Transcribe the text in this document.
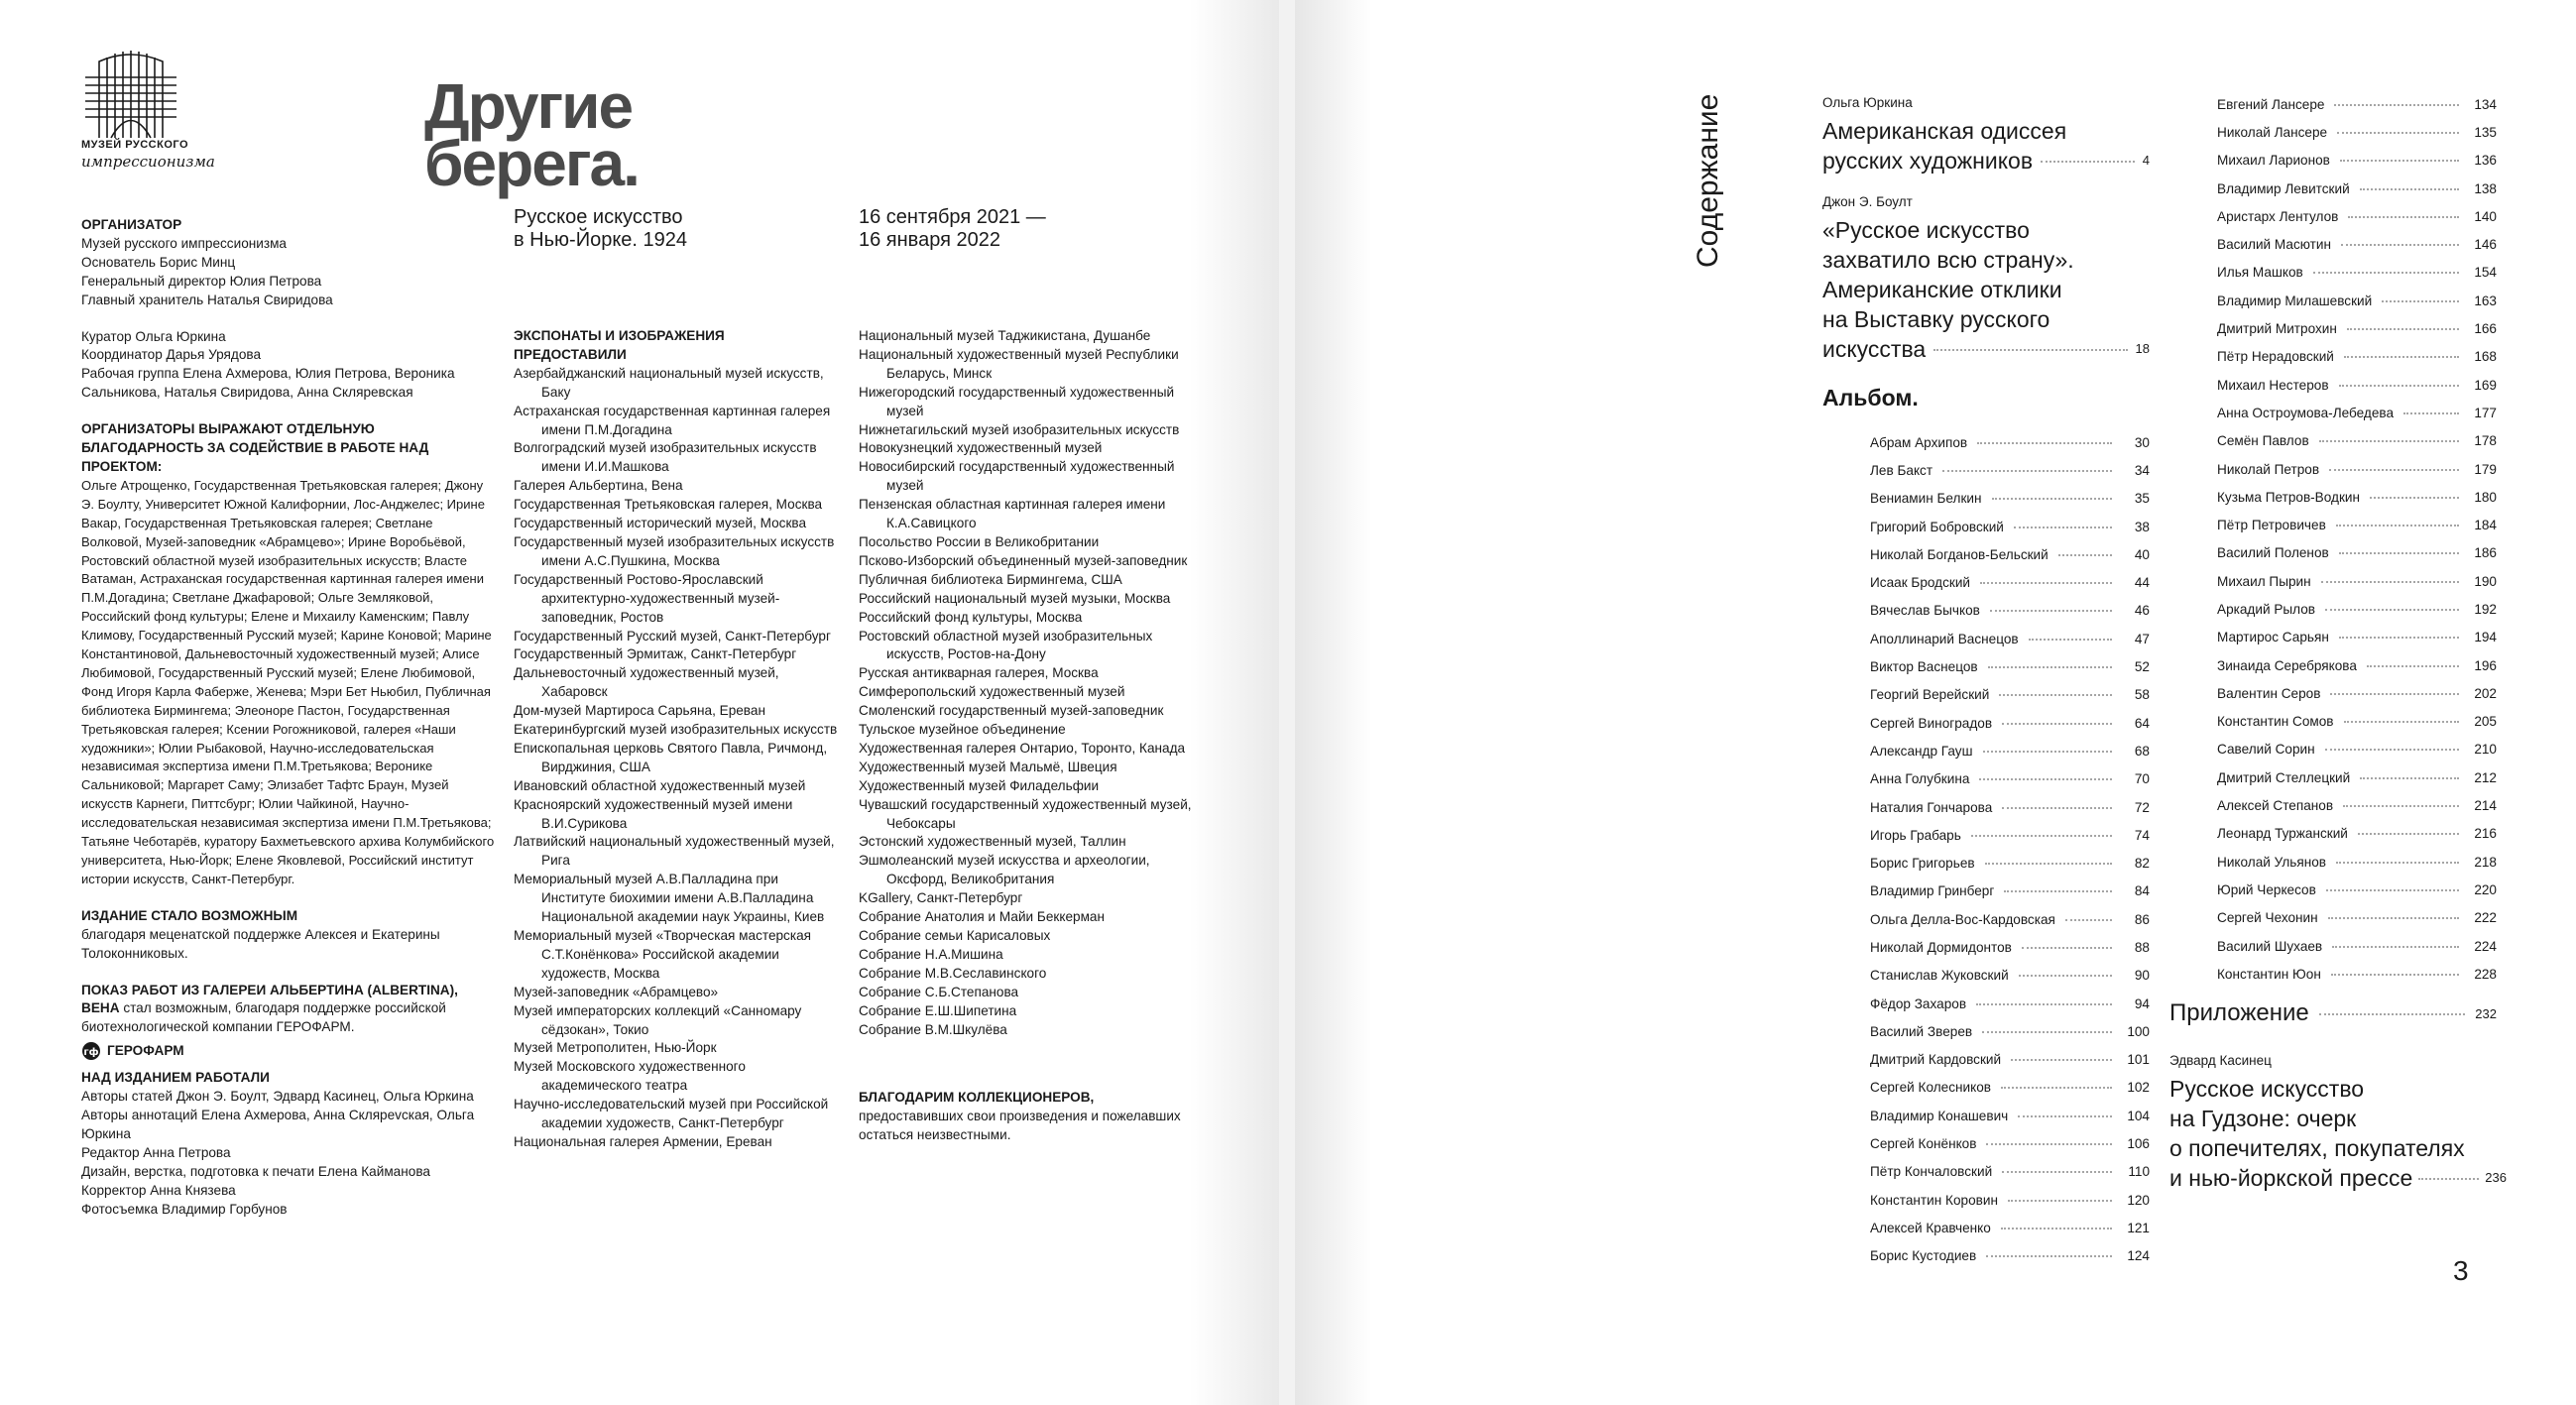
МУЗЕЙ РУССКОГО
импрессионизма
Другие берега.
Русское искусство
в Нью-Йорке. 1924
16 сентября 2021 —
16 января 2022
ОРГАНИЗАТОР
Музей русского импрессионизма
Основатель Борис Минц
Генеральный директор Юлия Петрова
Главный хранитель Наталья Свиридова
Куратор Ольга Юркина
Координатор Дарья Урядова
Рабочая группа Елена Ахмерова, Юлия Петрова, Вероника Сальникова, Наталья Свиридова, Анна Скляревская
ОРГАНИЗАТОРЫ ВЫРАЖАЮТ ОТДЕЛЬНУЮ БЛАГОДАРНОСТЬ ЗА СОДЕЙСТВИЕ В РАБОТЕ НАД ПРОЕКТОМ:
Ольге Атрощенко, Государственная Третьяковская галерея; Джону Э. Боулту, Университет Южной Калифорнии, Лос-Анджелес; Ирине Вакар, Государственная Третьяковская галерея; Светлане Волковой, Музей-заповедник «Абрамцево»; Ирине Воробьёвой, Ростовский областной музей изобразительных искусств; Власте Ватаман, Астраханская государственная картинная галерея имени П.М.Догадина; Светлане Джафаровой; Ольге Земляковой, Российский фонд культуры; Елене и Михаилу Каменским; Павлу Климову, Государственный Русский музей; Карине Коновой; Марине Константиновой, Дальневосточный художественный музей; Алисе Любимовой, Государственный Русский музей; Елене Любимовой, Фонд Игоря Карла Фаберже, Женева; Мэри Бет Ньюбил, Публичная библиотека Бирмингема; Элеоноре Пастон, Государственная Третьяковская галерея; Ксении Рогожниковой, галерея «Наши художники»; Юлии Рыбаковой, Научно-исследовательская независимая экспертиза имени П.М.Третьякова; Веронике Сальниковой; Маргарет Саму; Элизабет Тафтс Браун, Музей искусств Карнеги, Питтсбург; Юлии Чайкиной, Научно-исследовательская независимая экспертиза имени П.М.Третьякова; Татьяне Чеботарёв, куратору Бахметьевского архива Колумбийского университета, Нью-Йорк; Елене Яковлевой, Российский институт истории искусств, Санкт-Петербург.
ИЗДАНИЕ СТАЛО ВОЗМОЖНЫМ
благодаря меценатской поддержке Алексея и Екатерины Толоконниковых.
ПОКАЗ РАБОТ ИЗ ГАЛЕРЕИ АЛЬБЕРТИНА (ALBERTINA), ВЕНА стал возможным, благодаря поддержке российской биотехнологической компании ГЕРОФАРМ.
гф ГЕРОФАРМ
НАД ИЗДАНИЕМ РАБОТАЛИ
Авторы статей Джон Э. Боулт, Эдвард Касинец, Ольга Юркина
Авторы аннотаций Елена Ахмерова, Анна Склярevская, Ольга Юркина
Редактор Анна Петрова
Дизайн, верстка, подготовка к печати Елена Кайманова
Корректор Анна Князева
Фотосъемка Владимир Горбунов
ЭКСПОНАТЫ И ИЗОБРАЖЕНИЯ ПРЕДОСТАВИЛИ
Азербайджанский национальный музей искусств, Баку
Астраханская государственная картинная галерея имени П.М.Догадина
Волгоградский музей изобразительных искусств имени И.И.Машкова
Галерея Альбертина, Вена
Государственная Третьяковская галерея, Москва
Государственный исторический музей, Москва
Государственный музей изобразительных искусств имени А.С.Пушкина, Москва
Государственный Ростово-Ярославский архитектурно-художественный музей-заповедник, Ростов
Государственный Русский музей, Санкт-Петербург
Государственный Эрмитаж, Санкт-Петербург
Дальневосточный художественный музей, Хабаровск
Дом-музей Мартироса Сарьяна, Ереван
Екатеринбургский музей изобразительных искусств
Епископальная церковь Святого Павла, Ричмонд, Вирджиния, США
Ивановский областной художественный музей
Красноярский художественный музей имени В.И.Сурикова
Латвийский национальный художественный музей, Рига
Мемориальный музей А.В.Палладина при Институте биохимии имени А.В.Палладина Национальной академии наук Украины, Киев
Мемориальный музей «Творческая мастерская С.Т.Конёнкова» Российской академии художеств, Москва
Музей-заповедник «Абрамцево»
Музей императорских коллекций «Санномару сёдзокан», Токио
Музей Метрополитен, Нью-Йорк
Музей Московского художественного академического театра
Научно-исследовательский музей при Российской академии художеств, Санкт-Петербург
Национальная галерея Армении, Ереван
Национальный музей Таджикистана, Душанбе
Национальный художественный музей Республики Беларусь, Минск
Нижегородский государственный художественный музей
Нижнетагильский музей изобразительных искусств
Новокузнецкий художественный музей
Новосибирский государственный художественный музей
Пензенская областная картинная галерея имени К.А.Савицкого
Посольство России в Великобритании
Псково-Изборский объединенный музей-заповедник
Публичная библиотека Бирмингема, США
Российский национальный музей музыки, Москва
Российский фонд культуры, Москва
Ростовский областной музей изобразительных искусств, Ростов-на-Дону
Русская антикварная галерея, Москва
Симферопольский художественный музей
Смоленский государственный музей-заповедник
Тульское музейное объединение
Художественная галерея Онтарио, Торонто, Канада
Художественный музей Мальмё, Швеция
Художественный музей Филадельфии
Чувашский государственный художественный музей, Чебоксары
Эстонский художественный музей, Таллин
Эшмолеанский музей искусства и археологии, Оксфорд, Великобритания
KGallery, Санкт-Петербург
Собрание Анатолия и Майи Беккерман
Собрание семьи Карисаловых
Собрание Н.А.Мишина
Собрание М.В.Сеславинского
Собрание С.Б.Степанова
Собрание Е.Ш.Шипетина
Собрание В.М.Шкулёва
БЛАГОДАРИМ КОЛЛЕКЦИОНЕРОВ,
предоставивших свои произведения и пожелавших остаться неизвестными.
Содержание	Ольга Юркина
Американская одиссея
русских художников	4
Джон Э. Боулт
«Русское искусство
захватило всю страну».
Американские отклики
на Выставку русского
искусства	18
Альбом.
Абрам Архипов	30
Лев Бакст	34
Вениамин Белкин	35
Григорий Бобровский	38
Николай Богданов-Бельский	40
Исаак Бродский	44
Вячеслав Бычков	46
Аполлинарий Васнецов	47
Виктор Васнецов	52
Георгий Верейский	58
Сергей Виноградов	64
Александр Гауш	68
Анна Голубкина	70
Наталия Гончарова	72
Игорь Грабарь	74
Борис Григорьев	82
Владимир Гринберг	84
Ольга Делла-Вос-Кардовская	86
Николай Дормидонтов	88
Станислав Жуковский	90
Фёдор Захаров	94
Василий Зверев	100
Дмитрий Кардовский	101
Сергей Колесников	102
Владимир Конашевич	104
Сергей Конёнков	106
Пётр Кончаловский	110
Константин Коровин	120
Алексей Кравченко	121
Борис Кустодиев	124
Евгений Лансере	134
Николай Лансере	135
Михаил Ларионов	136
Владимир Левитский	138
Аристарх Лентулов	140
Василий Масютин	146
Илья Машков	154
Владимир Милашевский	163
Дмитрий Митрохин	166
Пётр Нерадовский	168
Михаил Нестеров	169
Анна Остроумова-Лебедева	177
Семён Павлов	178
Николай Петров	179
Кузьма Петров-Водкин	180
Пётр Петровичев	184
Василий Поленов	186
Михаил Пырин	190
Аркадий Рылов	192
Мартирос Сарьян	194
Зинаида Серебрякова	196
Валентин Серов	202
Константин Сомов	205
Савелий Сорин	210
Дмитрий Стеллецкий	212
Алексей Степанов	214
Леонард Туржанский	216
Николай Ульянов	218
Юрий Черкесов	220
Сергей Чехонин	222
Василий Шухаев	224
Константин Юон	228
Приложение	232
Эдвард Касинец
Русское искусство
на Гудзоне: очерк
о попечителях, покупателях
и нью-йоркской прессе	236
3
